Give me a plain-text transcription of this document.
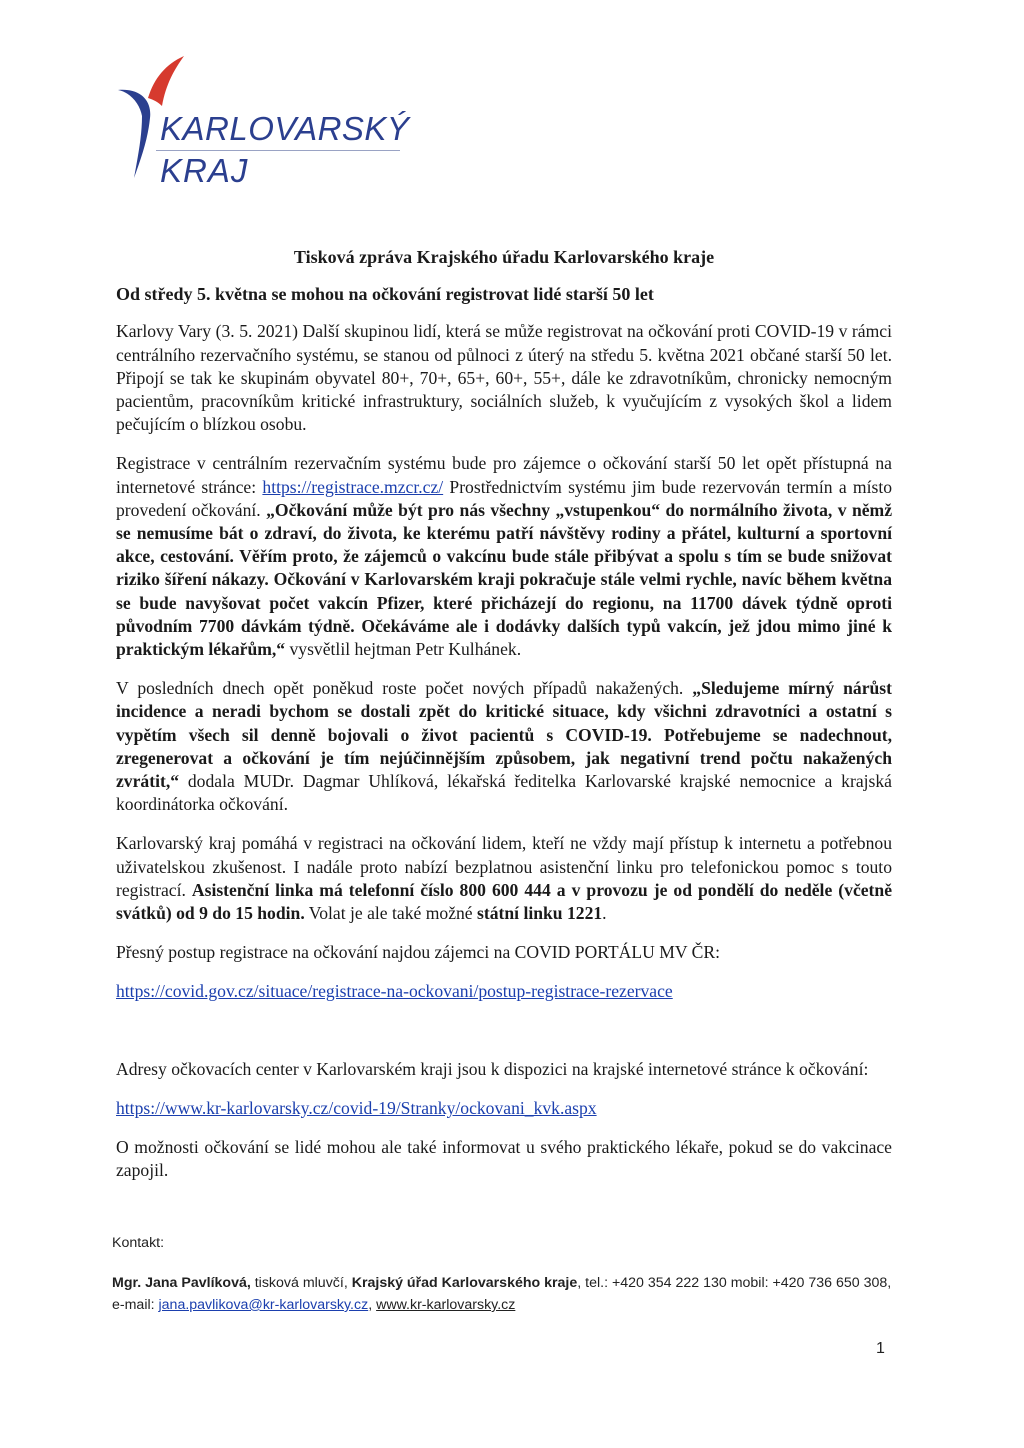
KARLOVARSKÝ
KRAJ

Tisková zpráva Krajského úřadu Karlovarského kraje

Od středy 5. května se mohou na očkování registrovat lidé starší 50 let

Karlovy Vary (3. 5. 2021) Další skupinou lidí, která se může registrovat na očkování proti COVID-19 v rámci centrálního rezervačního systému, se stanou od půlnoci z úterý na středu 5. května 2021 občané starší 50 let. Připojí se tak ke skupinám obyvatel 80+, 70+, 65+, 60+, 55+, dále ke zdravotníkům, chronicky nemocným pacientům, pracovníkům kritické infrastruktury, sociálních služeb, k vyučujícím z vysokých škol a lidem pečujícím o blízkou osobu.

Registrace v centrálním rezervačním systému bude pro zájemce o očkování starší 50 let opět přístupná na internetové stránce: https://registrace.mzcr.cz/ Prostřednictvím systému jim bude rezervován termín a místo provedení očkování. „Očkování může být pro nás všechny „vstupenkou“ do normálního života, v němž se nemusíme bát o zdraví, do života, ke kterému patří návštěvy rodiny a přátel, kulturní a sportovní akce, cestování. Věřím proto, že zájemců o vakcínu bude stále přibývat a spolu s tím se bude snižovat riziko šíření nákazy. Očkování v Karlovarském kraji pokračuje stále velmi rychle, navíc během května se bude navyšovat počet vakcín Pfizer, které přicházejí do regionu, na 11700 dávek týdně oproti původním 7700 dávkám týdně. Očekáváme ale i dodávky dalších typů vakcín, jež jdou mimo jiné k praktickým lékařům,“ vysvětlil hejtman Petr Kulhánek.

V posledních dnech opět poněkud roste počet nových případů nakažených. „Sledujeme mírný nárůst incidence a neradi bychom se dostali zpět do kritické situace, kdy všichni zdravotníci a ostatní s vypětím všech sil denně bojovali o život pacientů s COVID-19. Potřebujeme se nadechnout, zregenerovat a očkování je tím nejúčinnějším způsobem, jak negativní trend počtu nakažených zvrátit,“ dodala MUDr. Dagmar Uhlíková, lékařská ředitelka Karlovarské krajské nemocnice a krajská koordinátorka očkování.

Karlovarský kraj pomáhá v registraci na očkování lidem, kteří ne vždy mají přístup k internetu a potřebnou uživatelskou zkušenost. I nadále proto nabízí bezplatnou asistenční linku pro telefonickou pomoc s touto registrací. Asistenční linka má telefonní číslo 800 600 444 a v provozu je od pondělí do neděle (včetně svátků) od 9 do 15 hodin. Volat je ale také možné státní linku 1221.

Přesný postup registrace na očkování najdou zájemci na COVID PORTÁLU MV ČR:

https://covid.gov.cz/situace/registrace-na-ockovani/postup-registrace-rezervace

Adresy očkovacích center v Karlovarském kraji jsou k dispozici na krajské internetové stránce k očkování:

https://www.kr-karlovarsky.cz/covid-19/Stranky/ockovani_kvk.aspx

O možnosti očkování se lidé mohou ale také informovat u svého praktického lékaře, pokud se do vakcinace zapojil.

Kontakt:

Mgr. Jana Pavlíková, tisková mluvčí, Krajský úřad Karlovarského kraje, tel.: +420 354 222 130 mobil: +420 736 650 308, e-mail: jana.pavlikova@kr-karlovarsky.cz, www.kr-karlovarsky.cz

1
